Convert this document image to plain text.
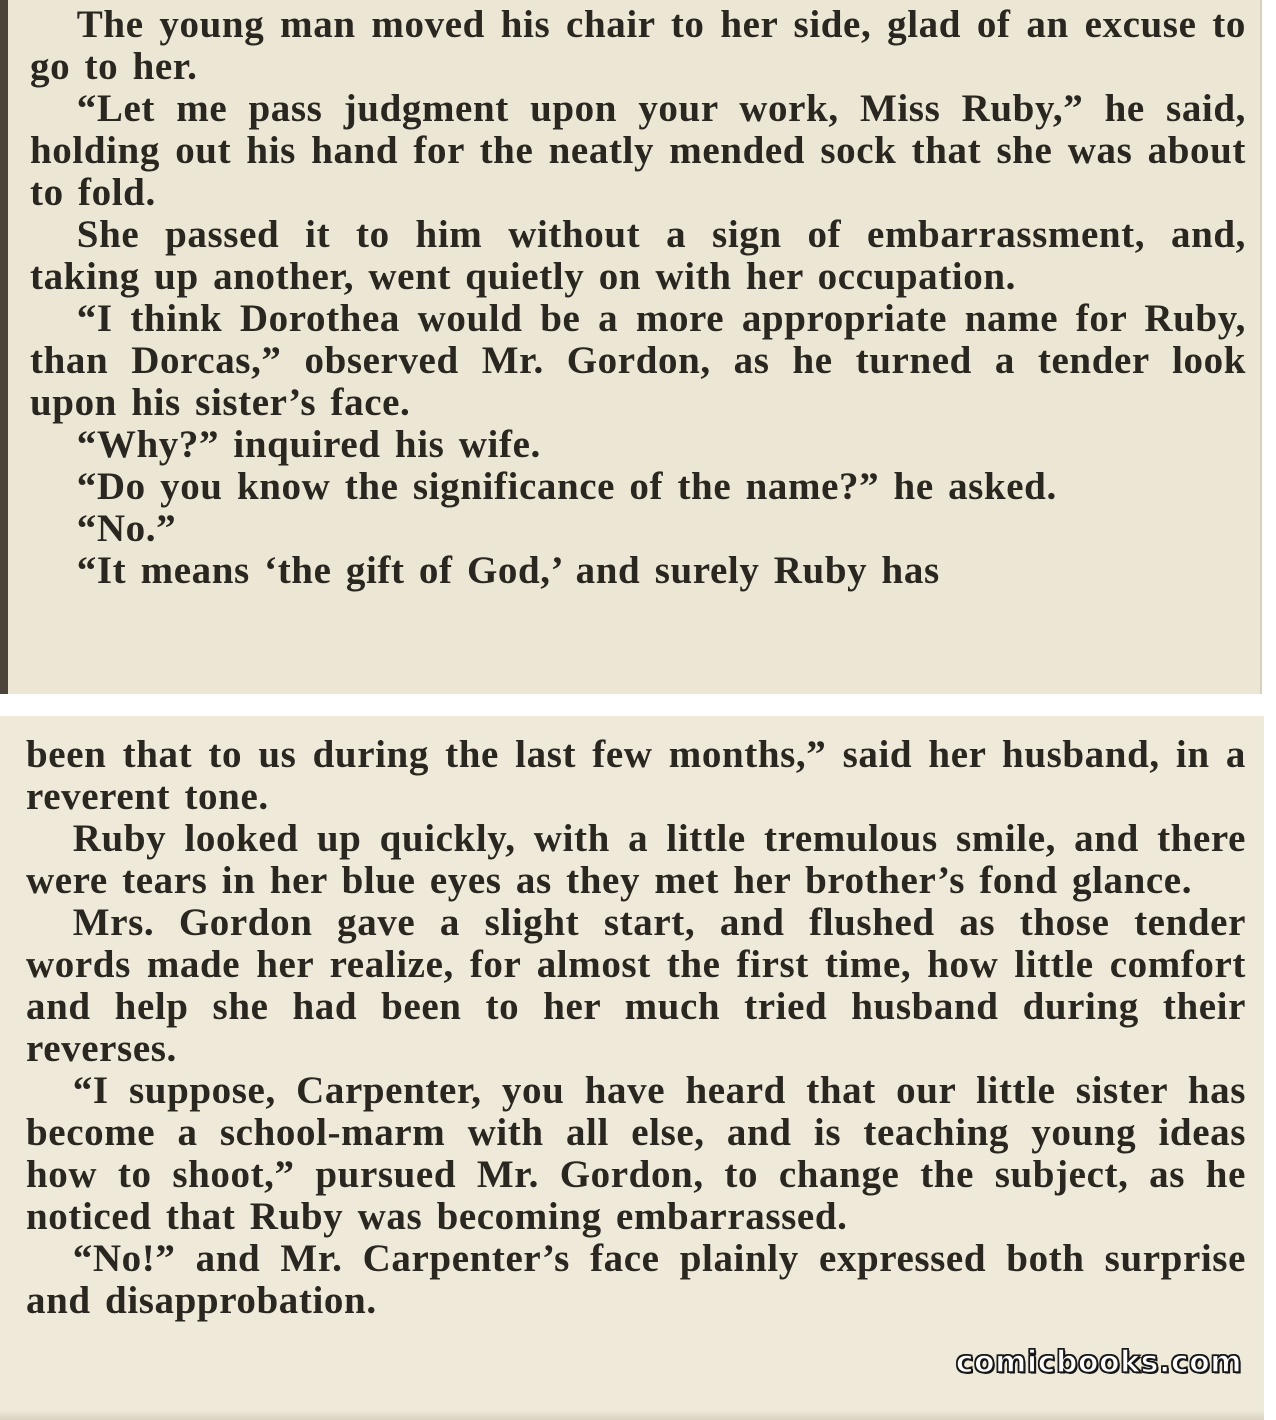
The young man moved his chair to her side, glad of an excuse to go to her.

“Let me pass judgment upon your work, Miss Ruby,” he said, holding out his hand for the neatly mended sock that she was about to fold.

She passed it to him without a sign of embarrassment, and, taking up another, went quietly on with her occupation.

“I think Dorothea would be a more appropriate name for Ruby, than Dorcas,” observed Mr. Gordon, as he turned a tender look upon his sister’s face.

“Why?” inquired his wife.

“Do you know the significance of the name?” he asked.

“No.”

“It means ‘the gift of God,’ and surely Ruby has

been that to us during the last few months,” said her husband, in a reverent tone.

Ruby looked up quickly, with a little tremulous smile, and there were tears in her blue eyes as they met her brother’s fond glance.

Mrs. Gordon gave a slight start, and flushed as those tender words made her realize, for almost the first time, how little comfort and help she had been to her much tried husband during their reverses.

“I suppose, Carpenter, you have heard that our little sister has become a school-marm with all else, and is teaching young ideas how to shoot,” pursued Mr. Gordon, to change the subject, as he noticed that Ruby was becoming embarrassed.

“No!” and Mr. Carpenter’s face plainly expressed both surprise and disapprobation.

comicbooks.com
